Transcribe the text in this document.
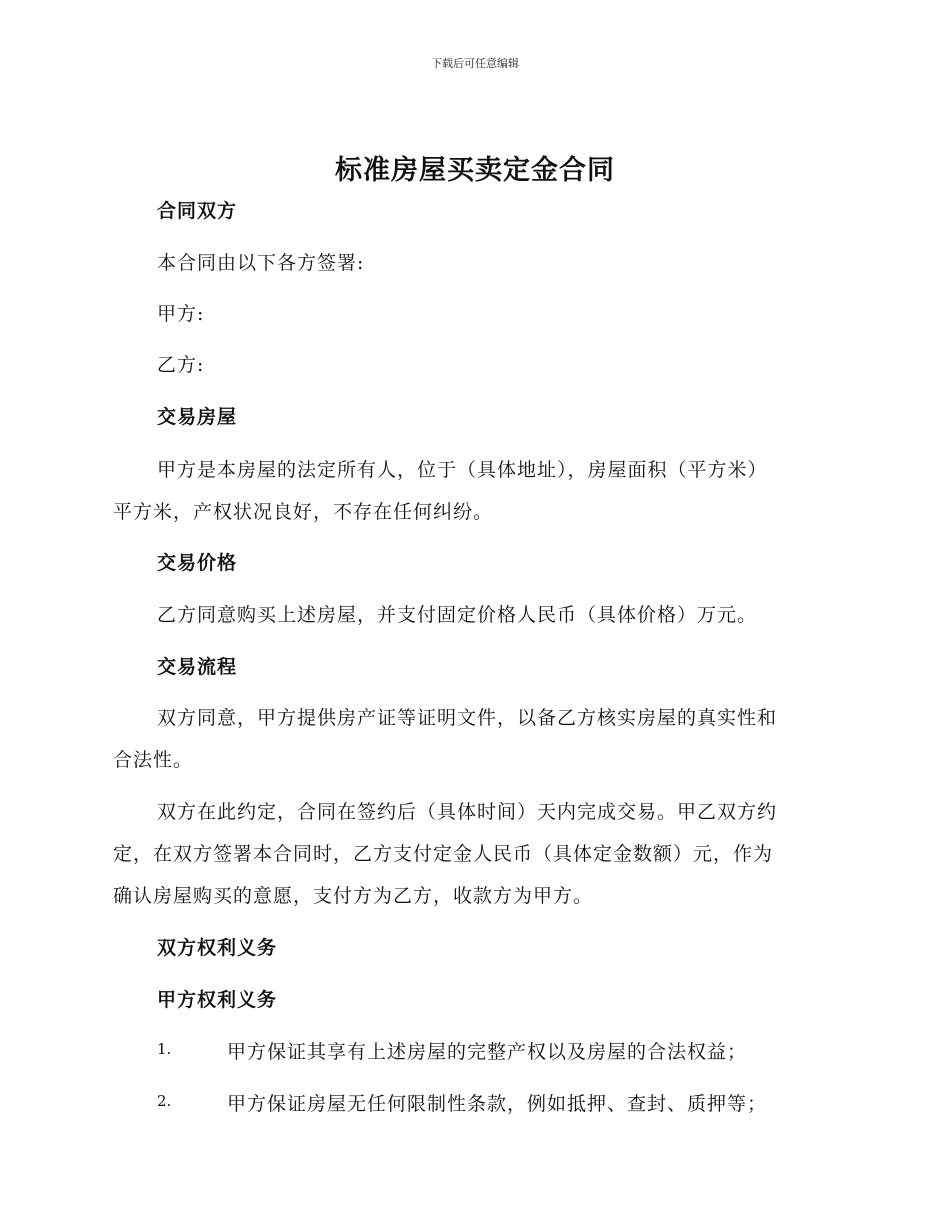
下载后可任意编辑
标准房屋买卖定金合同
合同双方
本合同由以下各方签署:
甲方:
乙方:
交易房屋
甲方是本房屋的法定所有人，位于（具体地址），房屋面积（平方米）
平方米，产权状况良好，不存在任何纠纷。
交易价格
乙方同意购买上述房屋，并支付固定价格人民币（具体价格）万元。
交易流程
双方同意，甲方提供房产证等证明文件，以备乙方核实房屋的真实性和
合法性。
双方在此约定，合同在签约后（具体时间）天内完成交易。甲乙双方约
定，在双方签署本合同时，乙方支付定金人民币（具体定金数额）元，作为
确认房屋购买的意愿，支付方为乙方，收款方为甲方。
双方权利义务
甲方权利义务
1.	甲方保证其享有上述房屋的完整产权以及房屋的合法权益；
2.	甲方保证房屋无任何限制性条款，例如抵押、查封、质押等；
